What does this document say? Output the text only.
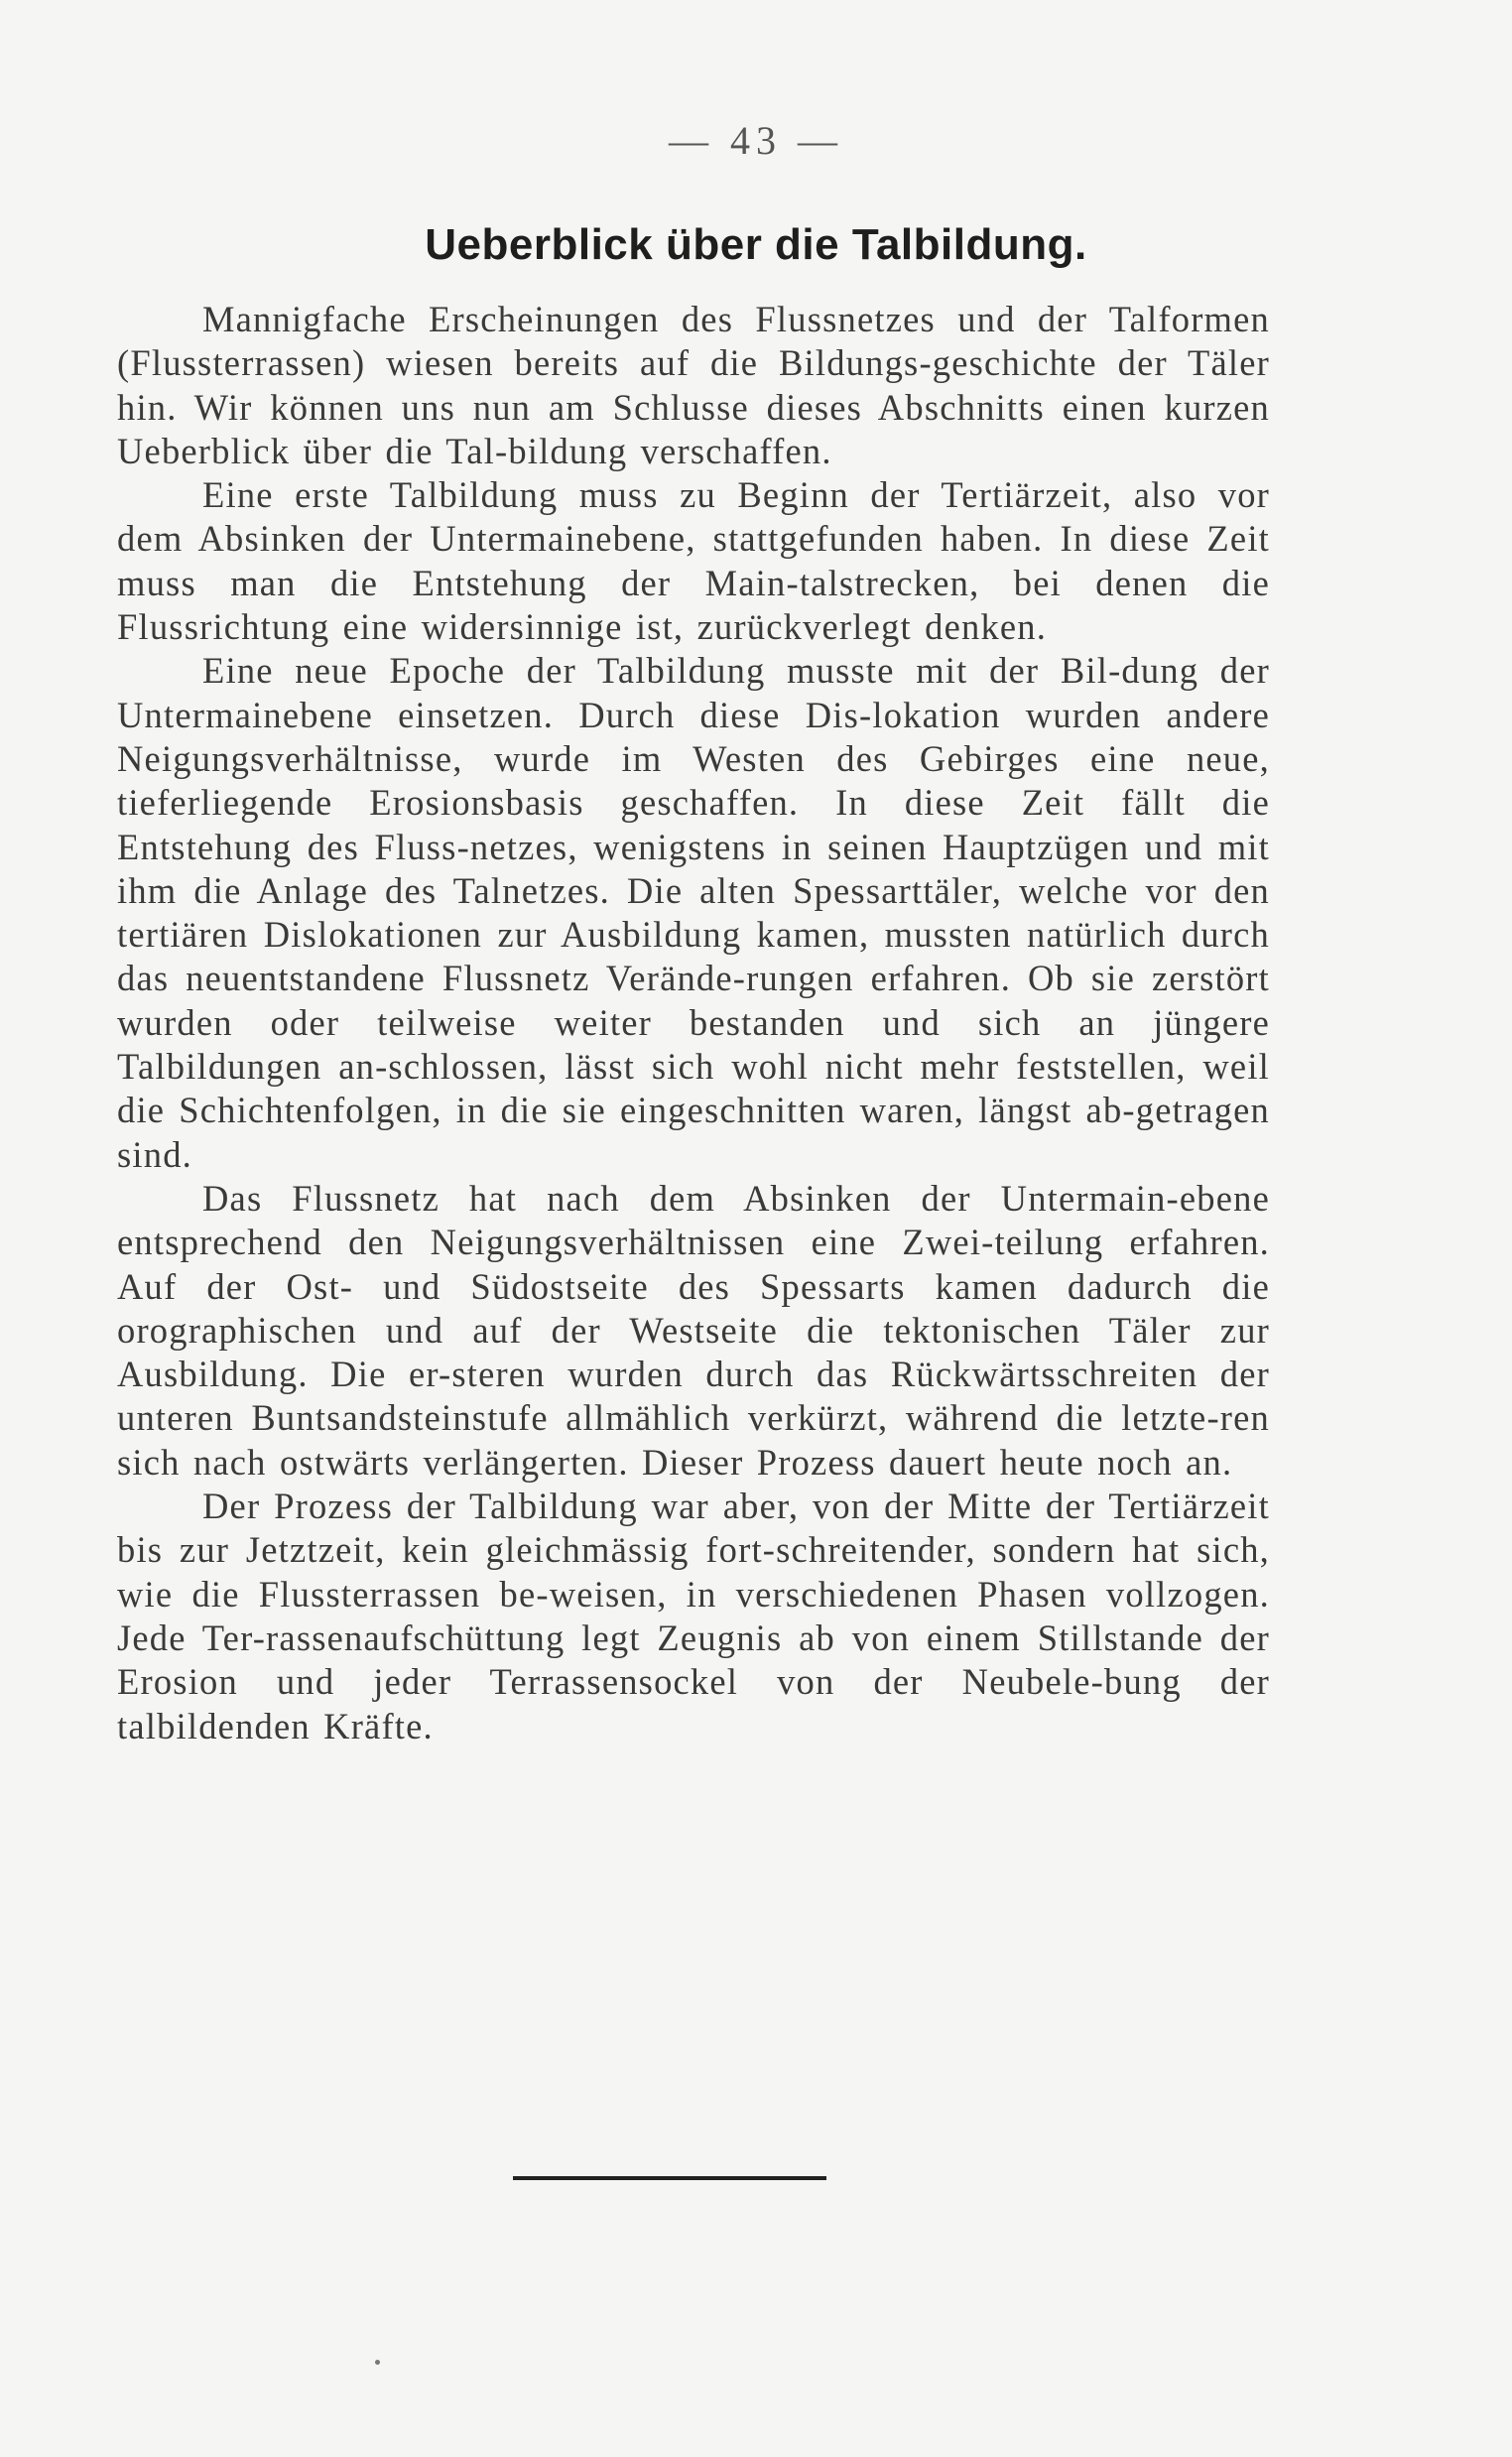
— 43 —
Ueberblick über die Talbildung.

Mannigfache Erscheinungen des Flussnetzes und der Talformen (Flussterrassen) wiesen bereits auf die Bildungs-geschichte der Täler hin. Wir können uns nun am Schlusse dieses Abschnitts einen kurzen Ueberblick über die Tal-bildung verschaffen.

Eine erste Talbildung muss zu Beginn der Tertiärzeit, also vor dem Absinken der Untermainebene, stattgefunden haben. In diese Zeit muss man die Entstehung der Main-talstrecken, bei denen die Flussrichtung eine widersinnige ist, zurückverlegt denken.

Eine neue Epoche der Talbildung musste mit der Bil-dung der Untermainebene einsetzen. Durch diese Dis-lokation wurden andere Neigungsverhältnisse, wurde im Westen des Gebirges eine neue, tieferliegende Erosionsbasis geschaffen. In diese Zeit fällt die Entstehung des Fluss-netzes, wenigstens in seinen Hauptzügen und mit ihm die Anlage des Talnetzes. Die alten Spessarttäler, welche vor den tertiären Dislokationen zur Ausbildung kamen, mussten natürlich durch das neuentstandene Flussnetz Verände-rungen erfahren. Ob sie zerstört wurden oder teilweise weiter bestanden und sich an jüngere Talbildungen an-schlossen, lässt sich wohl nicht mehr feststellen, weil die Schichtenfolgen, in die sie eingeschnitten waren, längst ab-getragen sind.

Das Flussnetz hat nach dem Absinken der Untermain-ebene entsprechend den Neigungsverhältnissen eine Zwei-teilung erfahren. Auf der Ost- und Südostseite des Spessarts kamen dadurch die orographischen und auf der Westseite die tektonischen Täler zur Ausbildung. Die er-steren wurden durch das Rückwärtsschreiten der unteren Buntsandsteinstufe allmählich verkürzt, während die letzte-ren sich nach ostwärts verlängerten. Dieser Prozess dauert heute noch an.

Der Prozess der Talbildung war aber, von der Mitte der Tertiärzeit bis zur Jetztzeit, kein gleichmässig fort-schreitender, sondern hat sich, wie die Flussterrassen be-weisen, in verschiedenen Phasen vollzogen. Jede Ter-rassenaufschüttung legt Zeugnis ab von einem Stillstande der Erosion und jeder Terrassensockel von der Neubele-bung der talbildenden Kräfte.
